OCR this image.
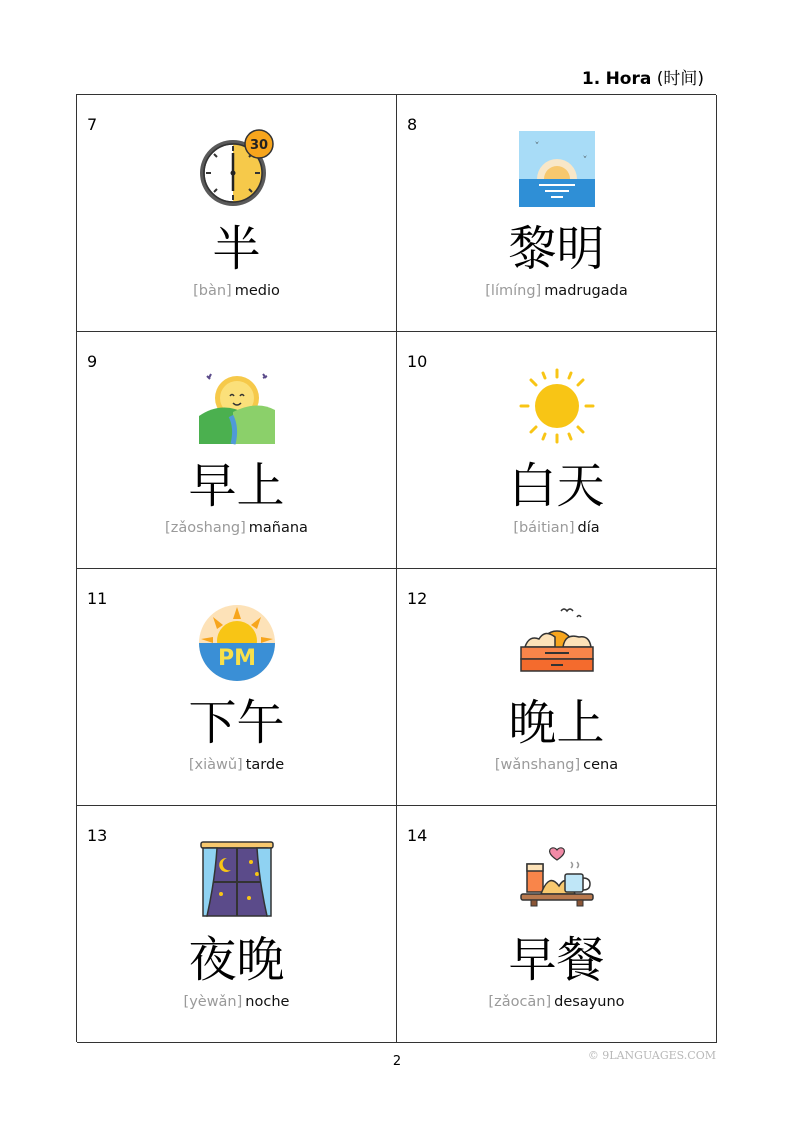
1. Hora (时间)
7
30
半
[bàn] medio
8
黎明
[límíng] madrugada
9
早上
[zǎoshang] mañana
10
白天
[báitian] día
11
PM
下午
[xiàwǔ] tarde
12
晚上
[wǎnshang] cena
13
夜晚
[yèwǎn] noche
14
早餐
[zǎocān] desayuno
2	© 9LANGUAGES.COM
